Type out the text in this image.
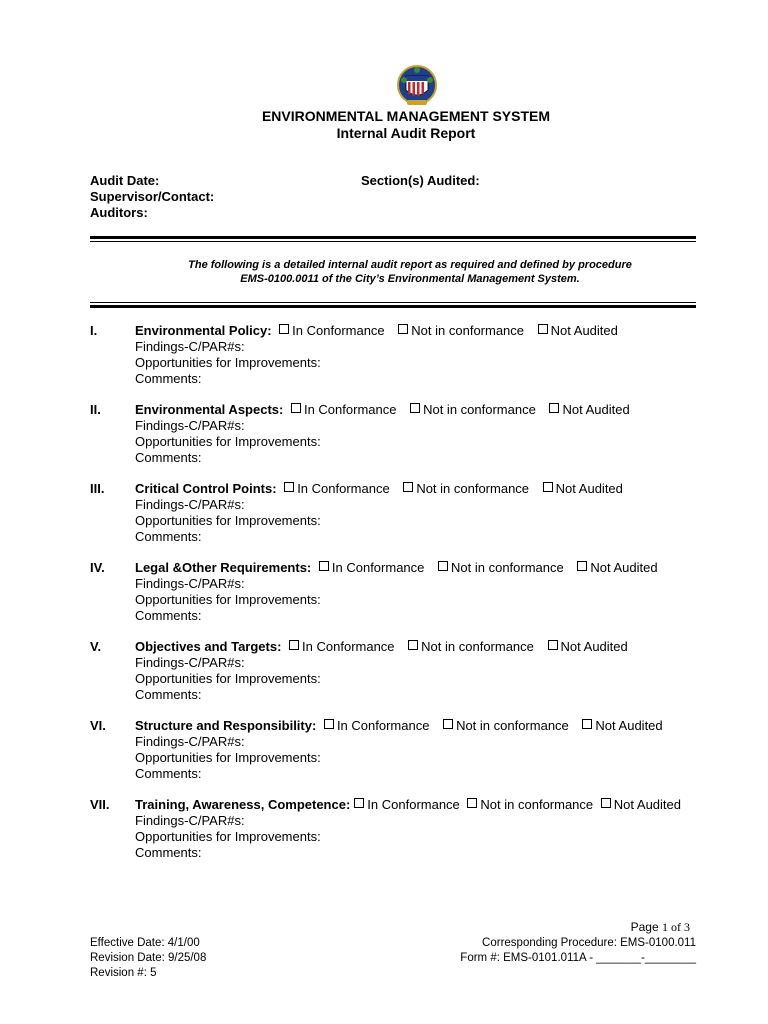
ENVIRONMENTAL MANAGEMENT SYSTEM
Internal Audit Report
Audit Date:
Supervisor/Contact:
Auditors:
Section(s) Audited:
The following is a detailed internal audit report as required and defined by procedure
EMS-0100.0011 of the City’s Environmental Management System.
I.	Environmental Policy: In Conformance Not in conformance Not Audited
Findings-C/PAR#s:
Opportunities for Improvements:
Comments:
II.	Environmental Aspects: In Conformance Not in conformance Not Audited
Findings-C/PAR#s:
Opportunities for Improvements:
Comments:
III. Critical Control Points: In Conformance Not in conformance Not Audited
Findings-C/PAR#s:
Opportunities for Improvements:
Comments:
IV. Legal &Other Requirements: In Conformance Not in conformance Not Audited
Findings-C/PAR#s:
Opportunities for Improvements:
Comments:
V.	Objectives and Targets: In Conformance Not in conformance Not Audited
Findings-C/PAR#s:
Opportunities for Improvements:
Comments:
VI. Structure and Responsibility: In Conformance Not in conformance Not Audited
Findings-C/PAR#s:
Opportunities for Improvements:
Comments:
VII. Training, Awareness, Competence: In Conformance Not in conformance Not Audited
Findings-C/PAR#s:
Opportunities for Improvements:
Comments:
Page 1 of 3
Effective Date: 4/1/00
Revision Date: 9/25/08
Revision #: 5
Corresponding Procedure: EMS-0100.011
Form #: EMS-0101.011A - _______-________
